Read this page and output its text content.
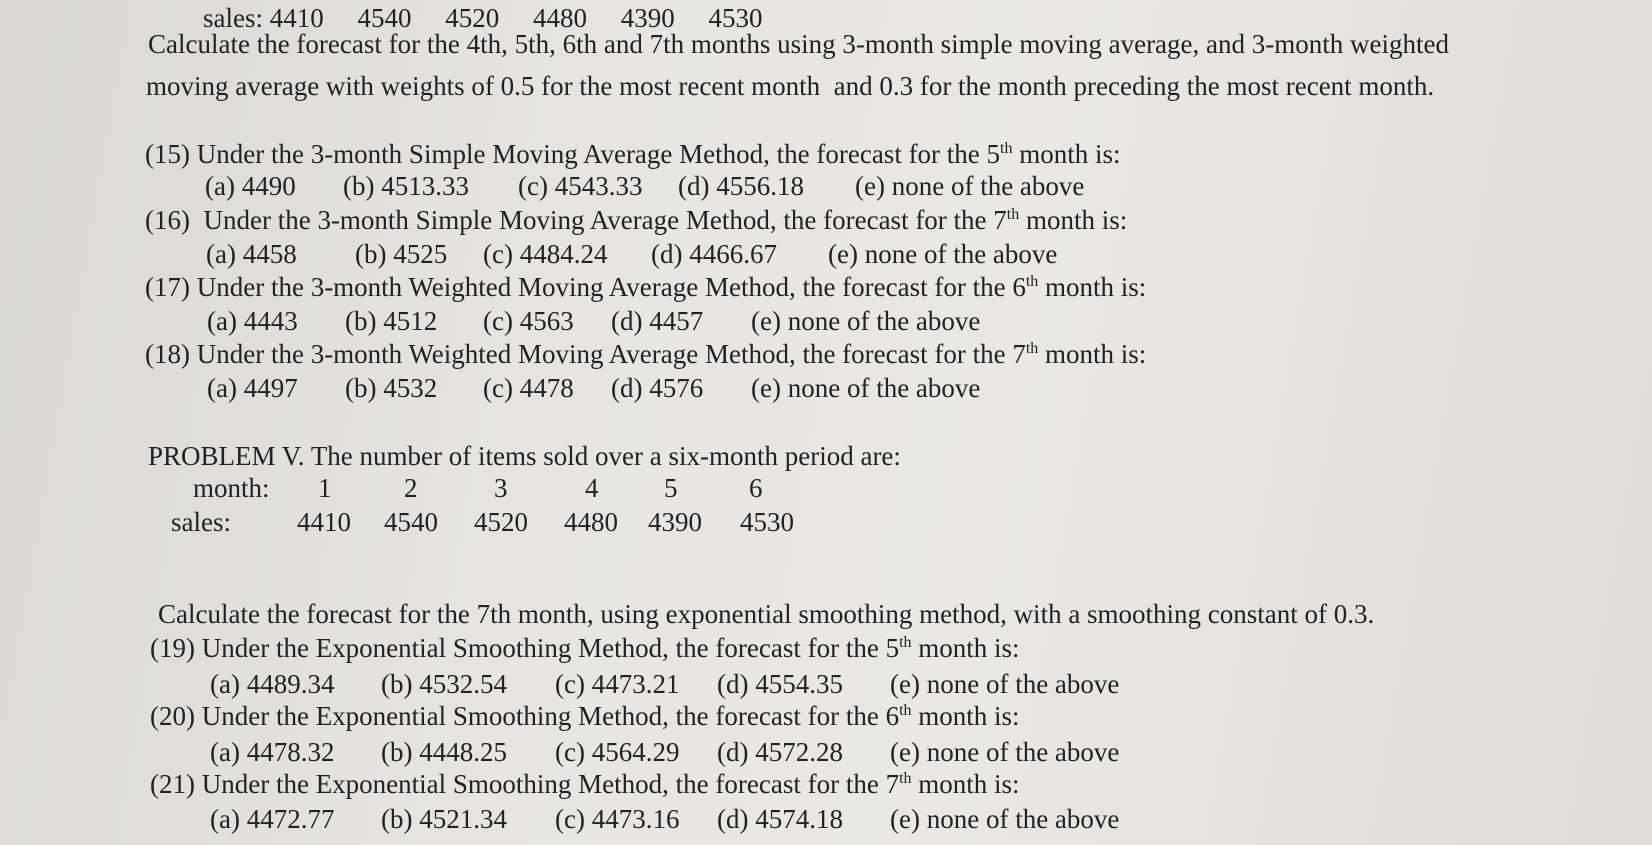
sales: 4410     4540     4520     4480     4390     4530
Calculate the forecast for the 4th, 5th, 6th and 7th months using 3-month simple moving average, and 3-month weighted
moving average with weights of 0.5 for the most recent month  and 0.3 for the month preceding the most recent month.
(15) Under the 3-month Simple Moving Average Method, the forecast for the 5th month is:
(a) 4490 (b) 4513.33 (c) 4543.33 (d) 4556.18 (e) none of the above
(16)  Under the 3-month Simple Moving Average Method, the forecast for the 7th month is:
(a) 4458 (b) 4525 (c) 4484.24 (d) 4466.67 (e) none of the above
(17) Under the 3-month Weighted Moving Average Method, the forecast for the 6th month is:
(a) 4443 (b) 4512 (c) 4563 (d) 4457 (e) none of the above
(18) Under the 3-month Weighted Moving Average Method, the forecast for the 7th month is:
(a) 4497 (b) 4532 (c) 4478 (d) 4576 (e) none of the above
PROBLEM V. The number of items sold over a six-month period are:
month:	1	2	3	4	5	6
sales:	4410	4540	4520	4480	4390	4530
Calculate the forecast for the 7th month, using exponential smoothing method, with a smoothing constant of 0.3.
(19) Under the Exponential Smoothing Method, the forecast for the 5th month is:
(a) 4489.34 (b) 4532.54 (c) 4473.21 (d) 4554.35 (e) none of the above
(20) Under the Exponential Smoothing Method, the forecast for the 6th month is:
(a) 4478.32 (b) 4448.25 (c) 4564.29 (d) 4572.28 (e) none of the above
(21) Under the Exponential Smoothing Method, the forecast for the 7th month is:
(a) 4472.77 (b) 4521.34 (c) 4473.16 (d) 4574.18 (e) none of the above
